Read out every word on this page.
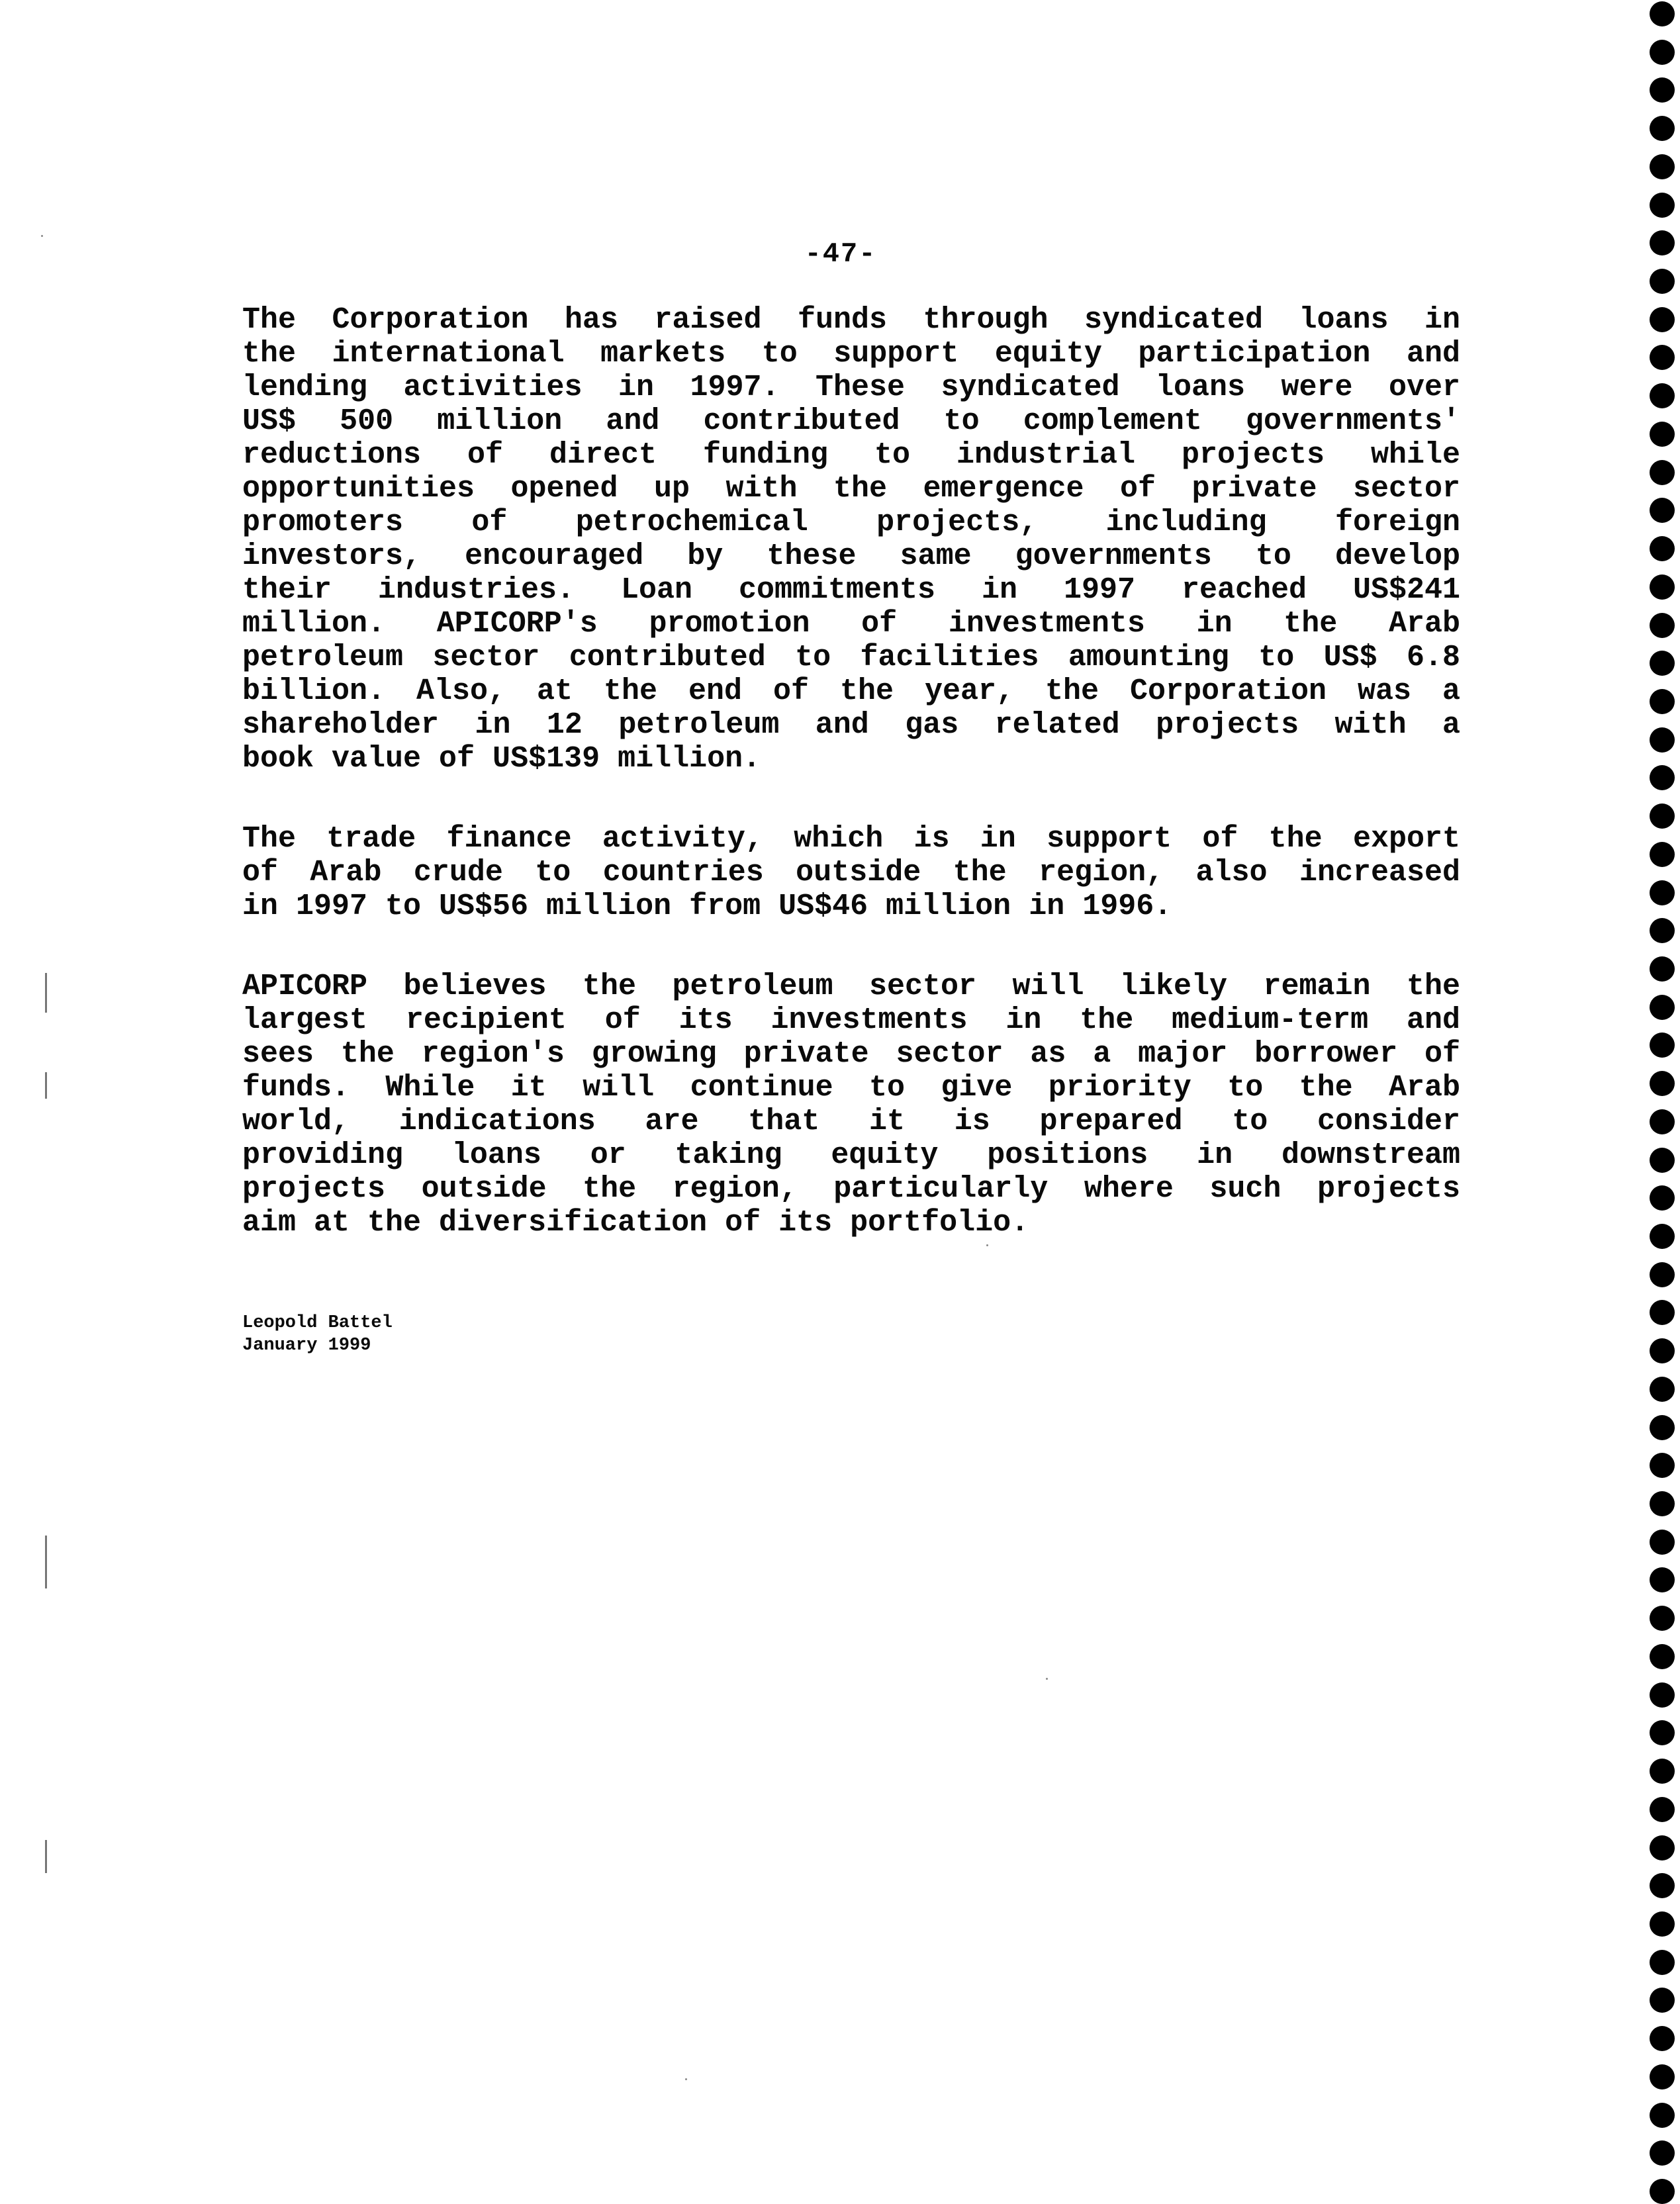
-47-
The Corporation has raised funds through syndicated loans in
the international markets to support equity participation and
lending activities in 1997. These syndicated loans were over
US$ 500 million and contributed to complement governments'
reductions of direct funding to industrial projects while
opportunities opened up with the emergence of private sector
promoters of petrochemical projects, including foreign
investors, encouraged by these same governments to develop
their industries. Loan commitments in 1997 reached US$241
million. APICORP's promotion of investments in the Arab
petroleum sector contributed to facilities amounting to US$ 6.8
billion. Also, at the end of the year, the Corporation was a
shareholder in 12 petroleum and gas related projects with a
book value of US$139 million.
The trade finance activity, which is in support of the export
of Arab crude to countries outside the region, also increased
in 1997 to US$56 million from US$46 million in 1996.
APICORP believes the petroleum sector will likely remain the
largest recipient of its investments in the medium-term and
sees the region's growing private sector as a major borrower of
funds. While it will continue to give priority to the Arab
world, indications are that it is prepared to consider
providing loans or taking equity positions in downstream
projects outside the region, particularly where such projects
aim at the diversification of its portfolio.
Leopold Battel
January 1999
